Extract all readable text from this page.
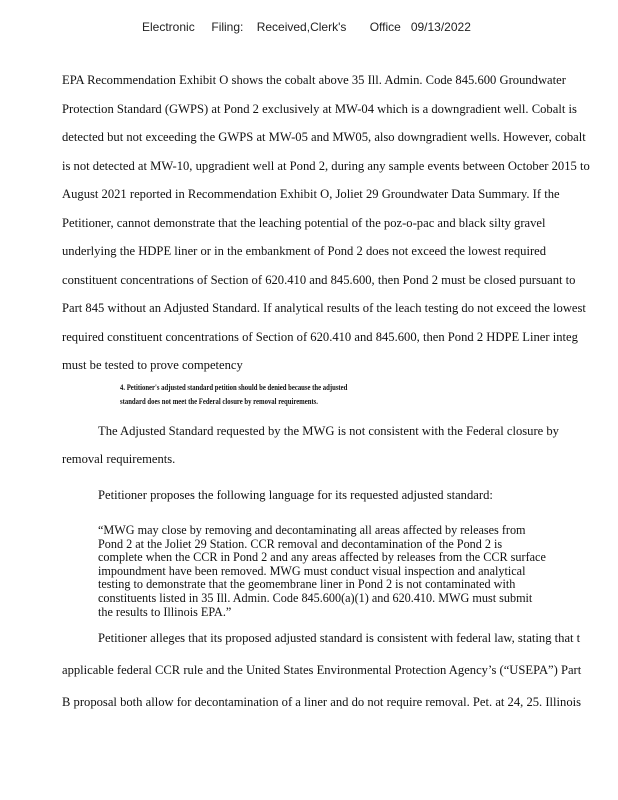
Electronic     Filing:    Received,Clerk's       Office   09/13/2022
EPA Recommendation Exhibit O shows the cobalt above 35 Ill. Admin. Code 845.600 Groundwater
Protection Standard (GWPS) at Pond 2 exclusively at MW-04 which is a downgradient well. Cobalt is
detected but not exceeding the GWPS at MW-05 and MW05, also downgradient wells. However, cobalt
is not detected at MW-10, upgradient well at Pond 2, during any sample events between October 2015 to
August 2021 reported in Recommendation Exhibit O, Joliet 29 Groundwater Data Summary. If the
Petitioner, cannot demonstrate that the leaching potential of the poz-o-pac and black silty gravel
underlying the HDPE liner or in the embankment of Pond 2 does not exceed the lowest required
constituent concentrations of Section of 620.410 and 845.600, then Pond 2 must be closed pursuant to
Part 845 without an Adjusted Standard. If analytical results of the leach testing do not exceed the lowest
required constituent concentrations of Section of 620.410 and 845.600, then Pond 2 HDPE Liner integ
must be tested to prove competency
4. Petitioner's adjusted standard petition should be denied because the adjusted
standard does not meet the Federal closure by removal requirements.
The Adjusted Standard requested by the MWG is not consistent with the Federal closure by
removal requirements.
Petitioner proposes the following language for its requested adjusted standard:
“MWG may close by removing and decontaminating all areas affected by releases from
Pond 2 at the Joliet 29 Station. CCR removal and decontamination of the Pond 2 is
complete when the CCR in Pond 2 and any areas affected by releases from the CCR surface
impoundment have been removed. MWG must conduct visual inspection and analytical
testing to demonstrate that the geomembrane liner in Pond 2 is not contaminated with
constituents listed in 35 Ill. Admin. Code 845.600(a)(1) and 620.410. MWG must submit
the results to Illinois EPA.”
Petitioner alleges that its proposed adjusted standard is consistent with federal law, stating that t
applicable federal CCR rule and the United States Environmental Protection Agency’s (“USEPA”) Part
B proposal both allow for decontamination of a liner and do not require removal. Pet. at 24, 25. Illinois
